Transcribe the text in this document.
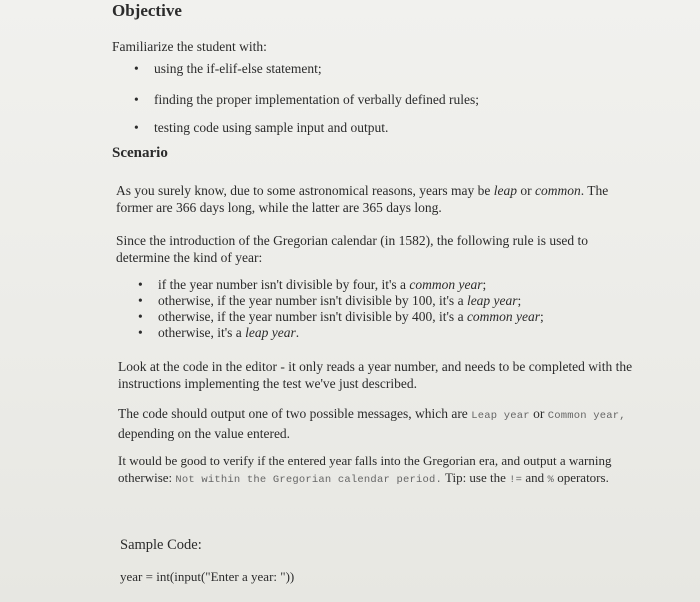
Objective
Familiarize the student with:
• using the if-elif-else statement;
• finding the proper implementation of verbally defined rules;
• testing code using sample input and output.
Scenario
As you surely know, due to some astronomical reasons, years may be leap or common. The
former are 366 days long, while the latter are 365 days long.
Since the introduction of the Gregorian calendar (in 1582), the following rule is used to
determine the kind of year:
• if the year number isn't divisible by four, it's a common year;
• otherwise, if the year number isn't divisible by 100, it's a leap year;
• otherwise, if the year number isn't divisible by 400, it's a common year;
• otherwise, it's a leap year.
Look at the code in the editor - it only reads a year number, and needs to be completed with the
instructions implementing the test we've just described.
The code should output one of two possible messages, which are Leap year or Common year,
depending on the value entered.
It would be good to verify if the entered year falls into the Gregorian era, and output a warning
otherwise: Not within the Gregorian calendar period. Tip: use the != and % operators.
Sample Code:
year = int(input("Enter a year: "))
